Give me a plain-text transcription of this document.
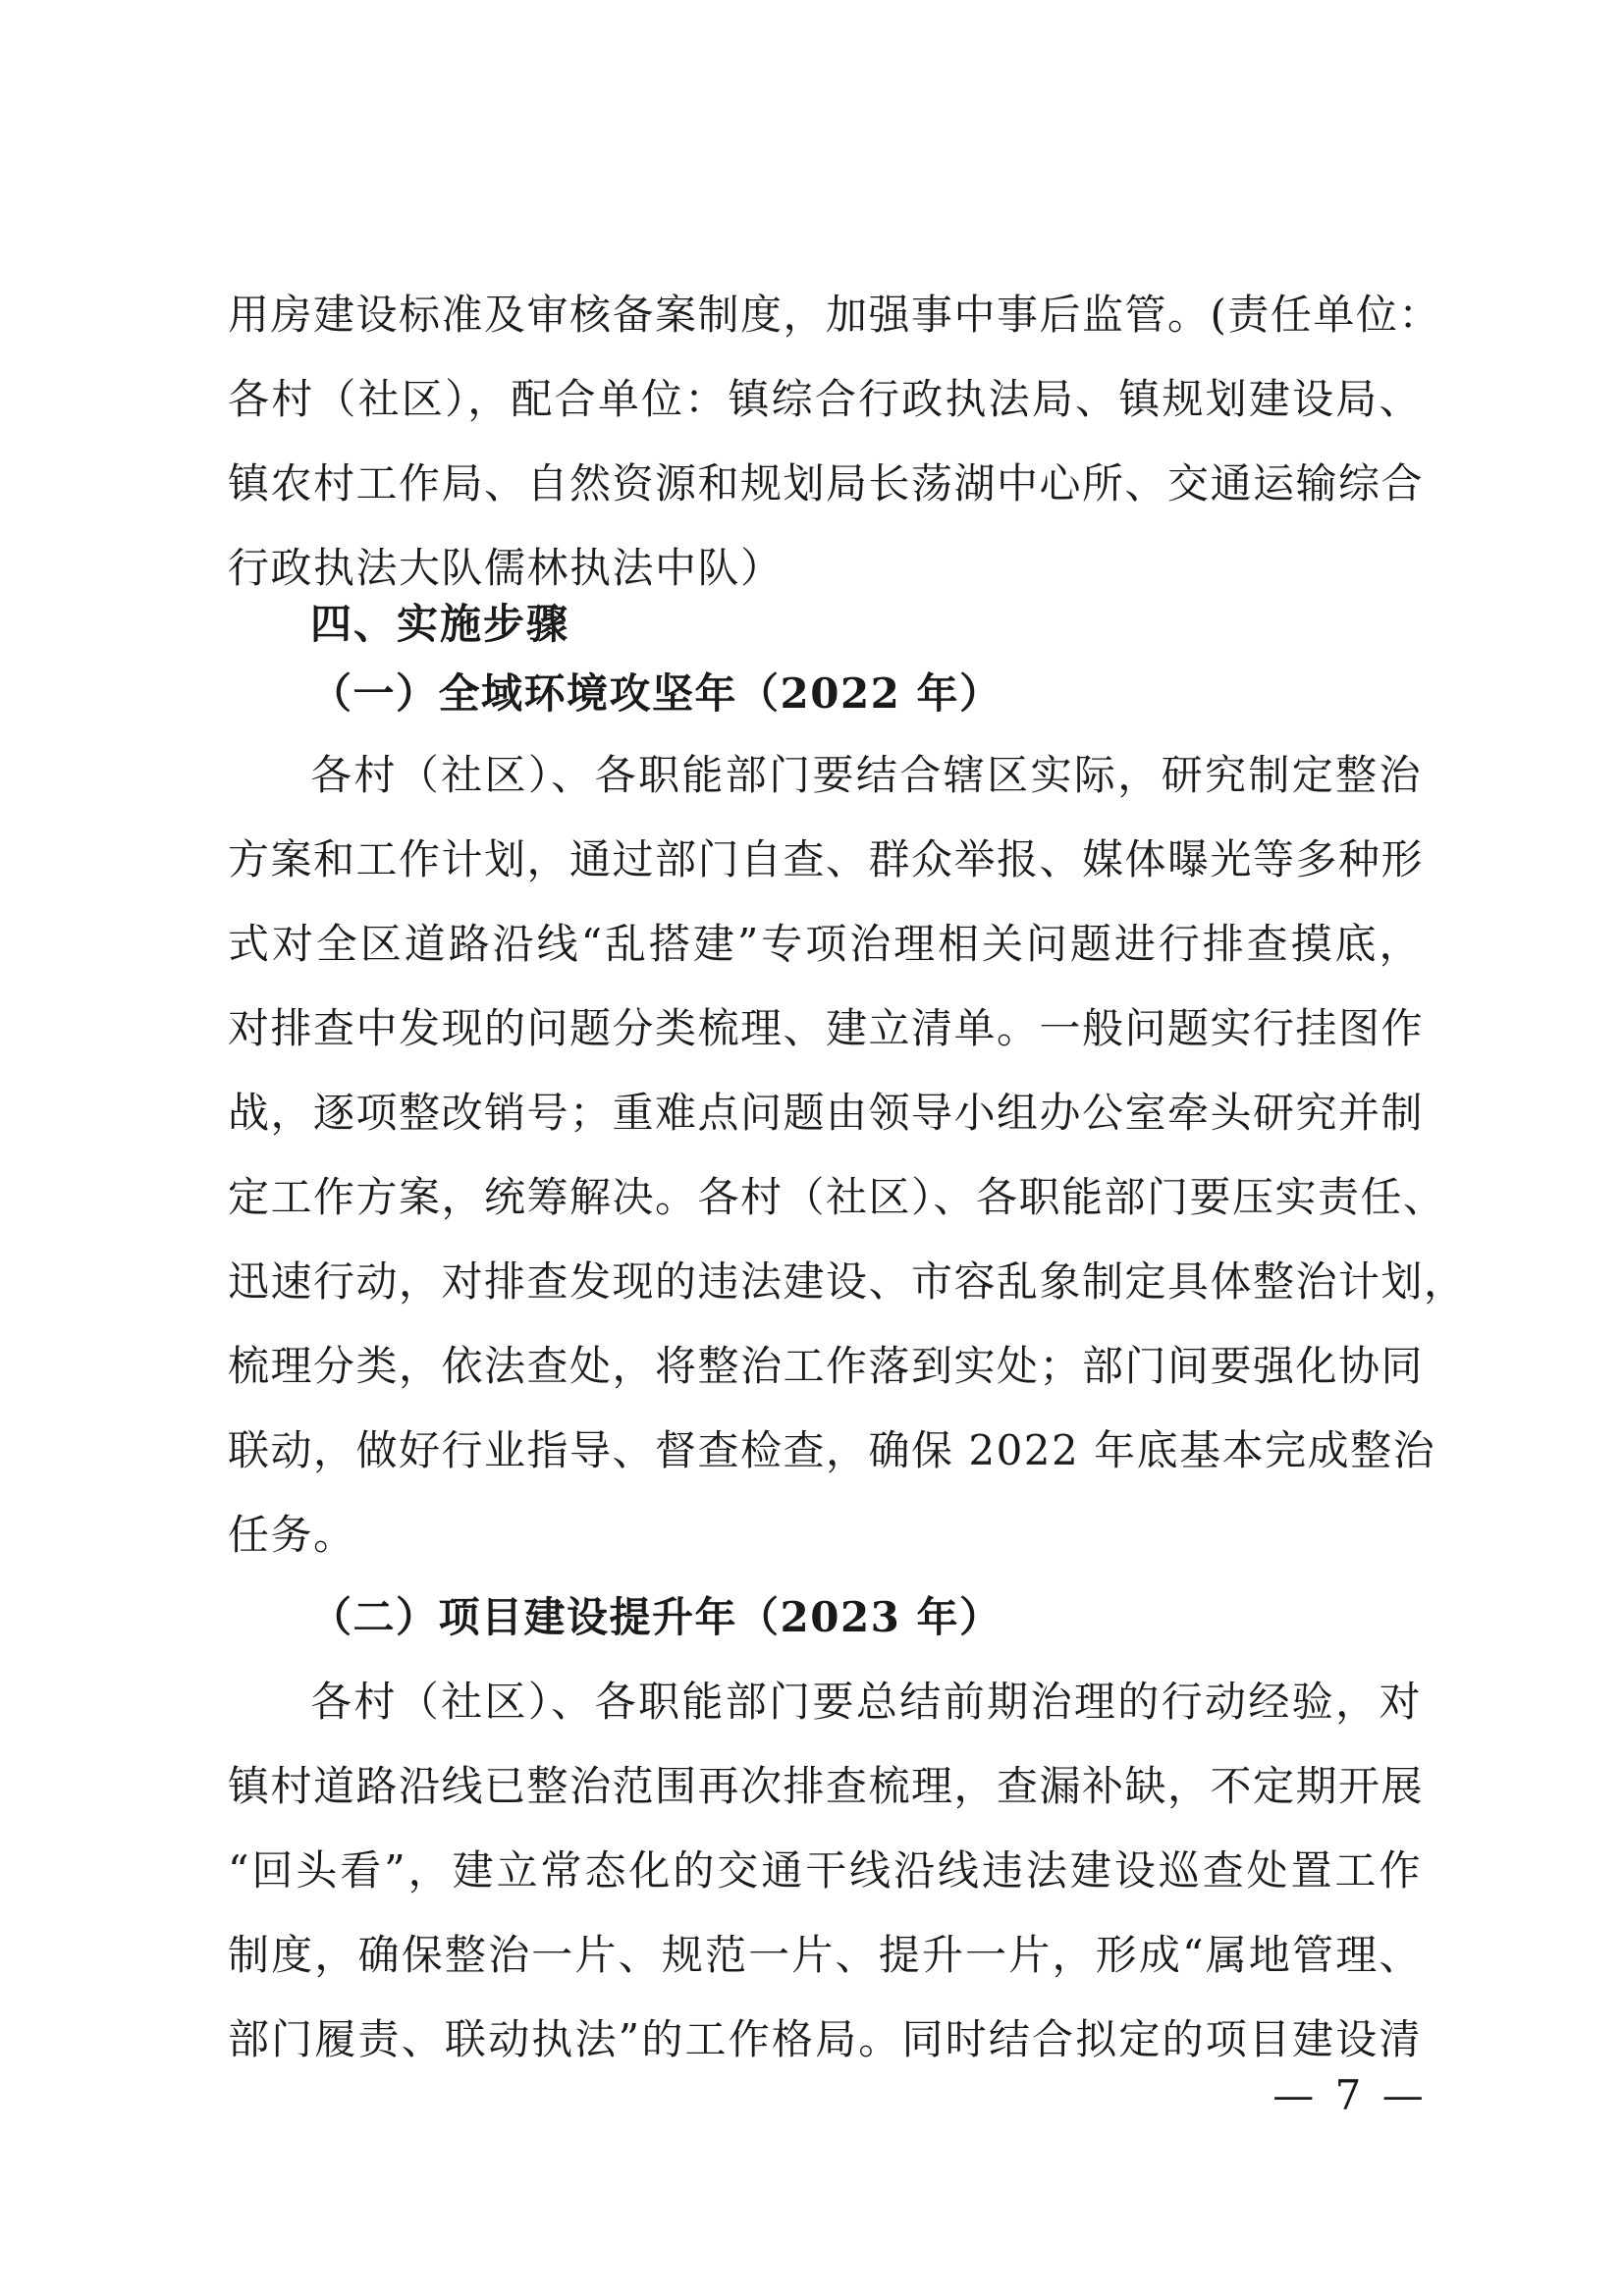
用房建设标准及审核备案制度，加强事中事后监管。(责任单位：
各村（社区），配合单位：镇综合行政执法局、镇规划建设局、
镇农村工作局、自然资源和规划局长荡湖中心所、交通运输综合
行政执法大队儒林执法中队）
四、实施步骤
（一）全域环境攻坚年（2022 年）
各村（社区）、各职能部门要结合辖区实际，研究制定整治
方案和工作计划，通过部门自查、群众举报、媒体曝光等多种形
式对全区道路沿线“乱搭建”专项治理相关问题进行排查摸底，
对排查中发现的问题分类梳理、建立清单。一般问题实行挂图作
战，逐项整改销号；重难点问题由领导小组办公室牵头研究并制
定工作方案，统筹解决。各村（社区）、各职能部门要压实责任、
迅速行动，对排查发现的违法建设、市容乱象制定具体整治计划，
梳理分类，依法查处，将整治工作落到实处；部门间要强化协同
联动，做好行业指导、督查检查，确保 2022 年底基本完成整治
任务。
（二）项目建设提升年（2023 年）
各村（社区）、各职能部门要总结前期治理的行动经验，对
镇村道路沿线已整治范围再次排查梳理，查漏补缺，不定期开展
“回头看”，建立常态化的交通干线沿线违法建设巡查处置工作
制度，确保整治一片、规范一片、提升一片，形成“属地管理、
部门履责、联动执法”的工作格局。同时结合拟定的项目建设清
— 7 —
